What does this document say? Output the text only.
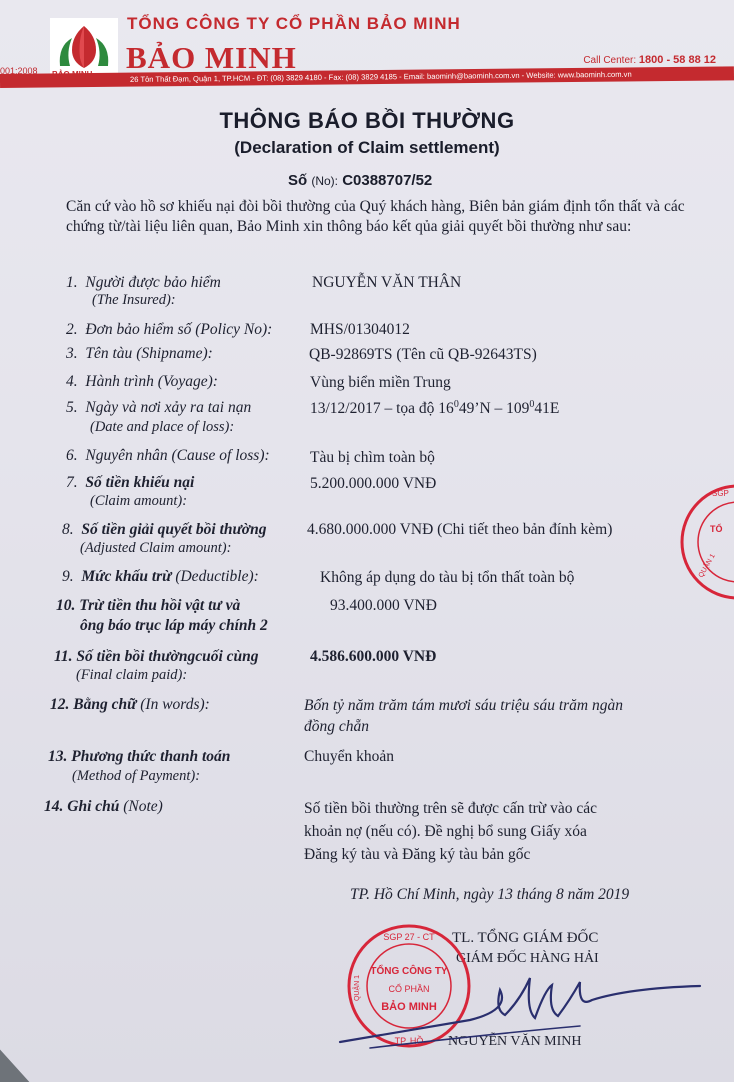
001:2008
TỔNG CÔNG TY CỔ PHẦN BẢO MINH
BẢO MINH	Call Center: 1800 - 58 88 12
26 Tôn Thất Đạm, Quận 1, TP.HCM - ĐT: (08) 3829 4180 - Fax: (08) 3829 4185 - Email: baominh@baominh.com.vn - Website: www.baominh.com.vn
THÔNG BÁO BỒI THƯỜNG
(Declaration of Claim settlement)
Số (No): C0388707/52
Căn cứ vào hồ sơ khiếu nại đòi bồi thường của Quý khách hàng, Biên bản giám định tổn thất và các chứng từ/tài liệu liên quan, Bảo Minh xin thông báo kết qủa giải quyết bồi thường như sau:
1. Người được bảo hiểm
(The Insured):
NGUYỄN VĂN THÂN
2. Đơn bảo hiểm số (Policy No): MHS/01304012
3. Tên tàu (Shipname):	QB-92869TS (Tên cũ QB-92643TS)
4. Hành trình (Voyage):	Vùng biển miền Trung
5. Ngày và nơi xảy ra tai nạn
(Date and place of loss):
13/12/2017 – tọa độ $16^049’N - 109^041E$
6. Nguyên nhân (Cause of loss):	Tàu bị chìm toàn bộ
7. Số tiền khiếu nại
(Claim amount):
5.200.000.000 VNĐ
8. Số tiền giải quyết bồi thường
(Adjusted Claim amount):
4.680.000.000 VNĐ (Chi tiết theo bản đính kèm)
9. Mức khấu trừ (Deductible):	Không áp dụng do tàu bị tổn thất toàn bộ
10. Trừ tiền thu hồi vật tư và
ông báo trục láp máy chính 2
93.400.000 VNĐ
11. Số tiền bồi thườngcuối cùng
(Final claim paid):
4.586.600.000 VNĐ
12. Bằng chữ (In words):	Bốn tỷ năm trăm tám mươi sáu triệu sáu trăm ngàn
đồng chẵn
13. Phương thức thanh toán
(Method of Payment):
Chuyển khoản
14. Ghi chú (Note)	Số tiền bồi thường trên sẽ được cấn trừ vào các
khoản nợ (nếu có). Đề nghị bổ sung Giấy xóa
Đăng ký tàu và Đăng ký tàu bản gốc
TP. Hồ Chí Minh, ngày 13 tháng 8 năm 2019
TL. TỔNG GIÁM ĐỐC
GIÁM ĐỐC HÀNG HẢI
NGUYỄN VĂN MINH
SGP 27 - CT
TP. HỒ
QUẬN 1
TỔNG CÔNG TY
CỔ PHẦN
BẢO MINH
SGP
TỔ
QUẬN 1
